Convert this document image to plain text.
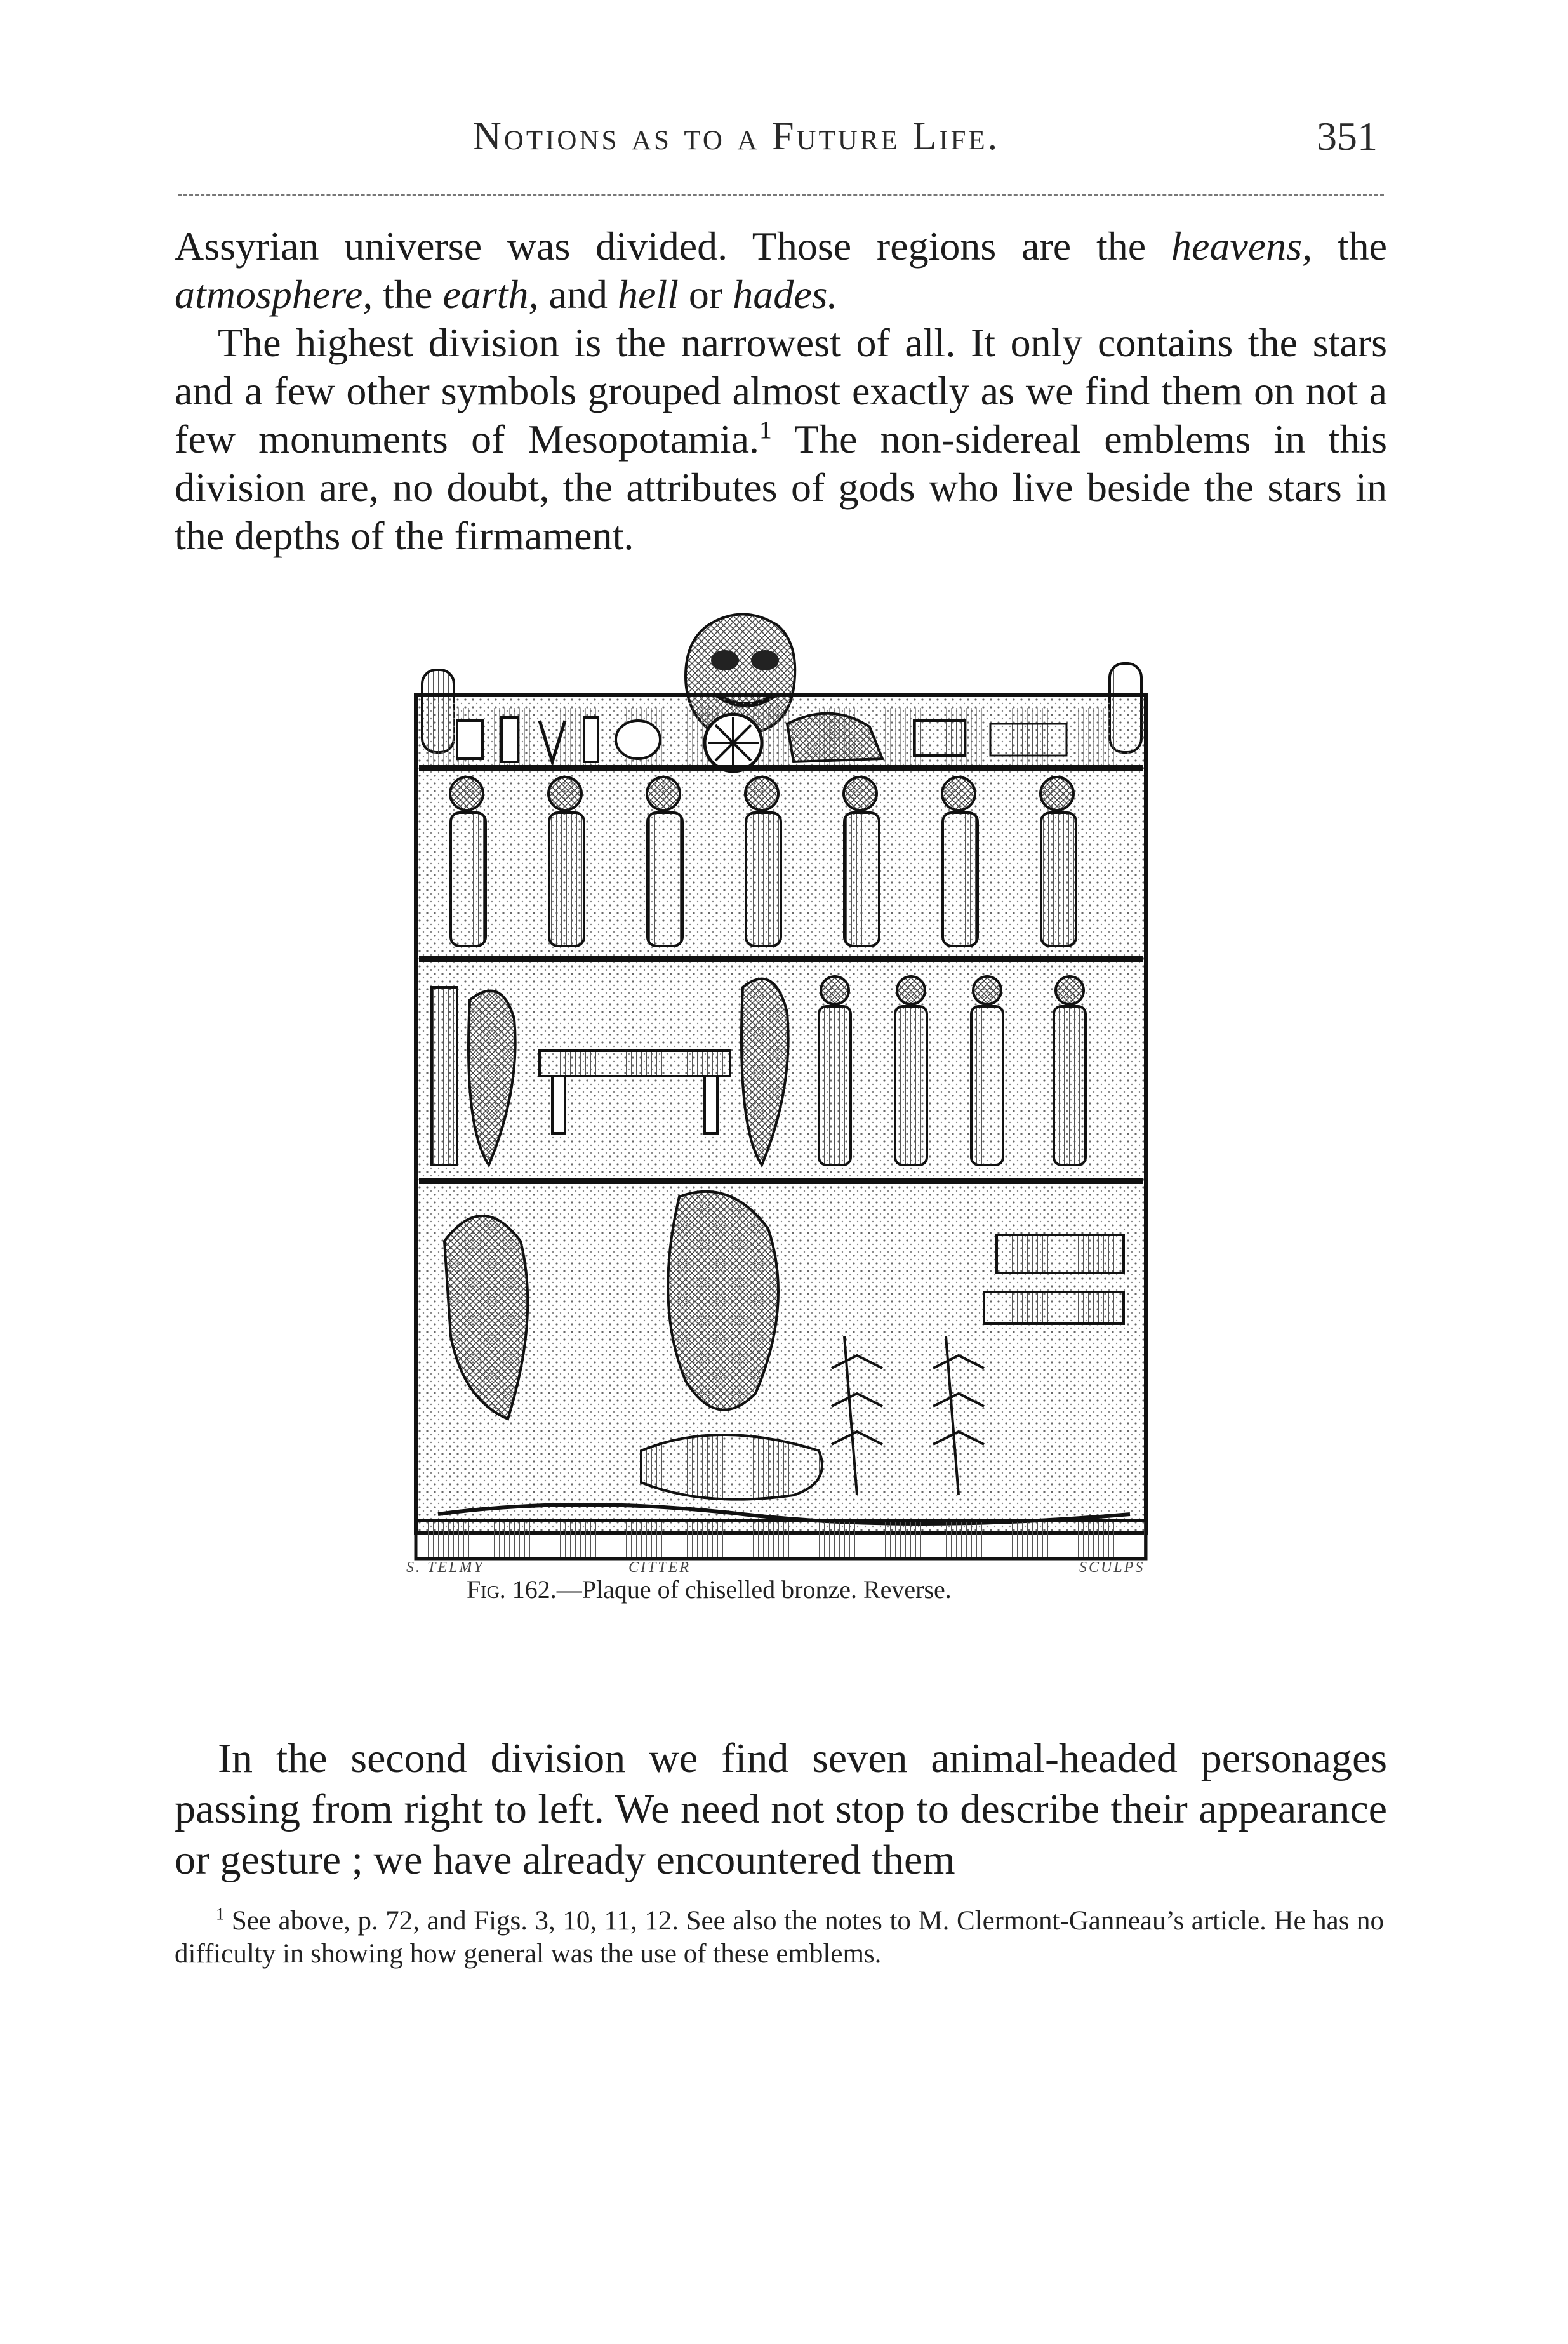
Notions as to a Future Life.	351

Assyrian universe was divided. Those regions are the heavens, the atmosphere, the earth, and hell or hades.

The highest division is the narrowest of all. It only contains the stars and a few other symbols grouped almost exactly as we find them on not a few monuments of Mesopotamia.$^1$ The non-sidereal emblems in this division are, no doubt, the attributes of gods who live beside the stars in the depths of the firmament.

S. TELMY	CITTER	SCULPS
Fig. 162.—Plaque of chiselled bronze. Reverse.

In the second division we find seven animal-headed personages passing from right to left. We need not stop to describe their appearance or gesture ; we have already encountered them

$^1$ See above, p. 72, and Figs. 3, 10, 11, 12. See also the notes to M. Clermont-Ganneau’s article. He has no difficulty in showing how general was the use of these emblems.
